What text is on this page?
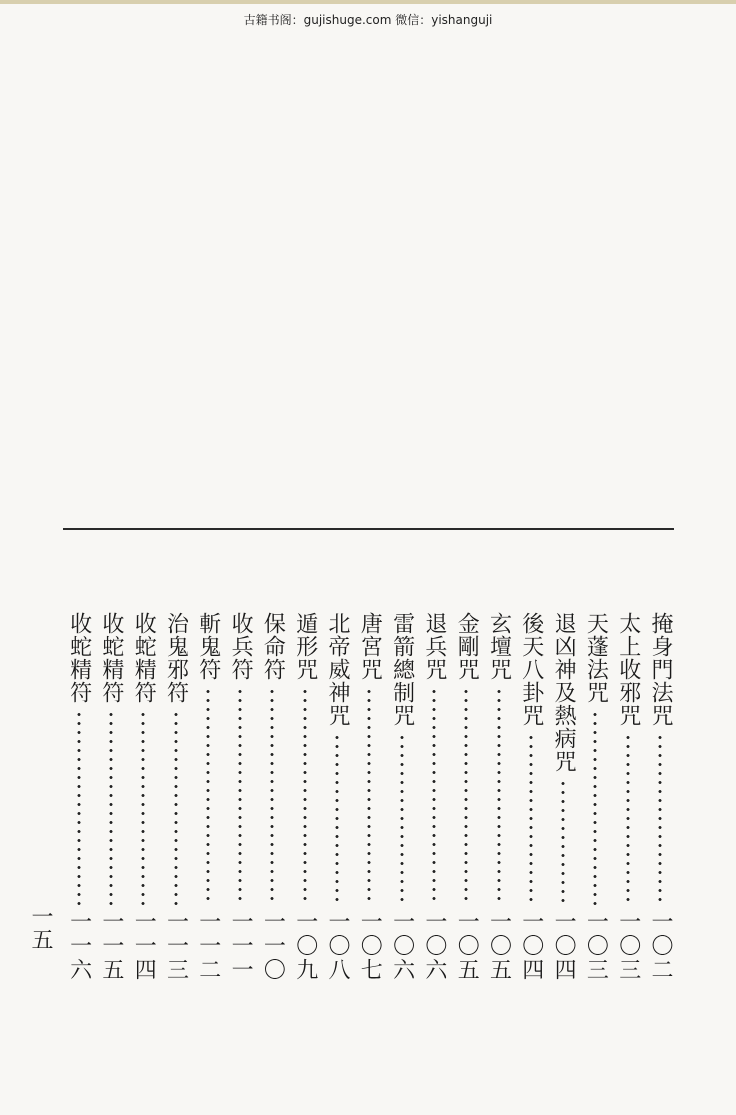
古籍书阁：gujishuge.com 微信：yishanguji
掩身門法咒
一〇二
太上收邪咒
一〇三
天蓬法咒
一〇三
退凶神及熱病咒
一〇四
後天八卦咒
一〇四
玄壇咒
一〇五
金剛咒
一〇五
退兵咒
一〇六
雷箭總制咒
一〇六
唐宮咒
一〇七
北帝威神咒
一〇八
遁形咒
一〇九
保命符
一一〇
收兵符
一一一
斬鬼符
一一二
治鬼邪符
一一三
收蛇精符
一一四
收蛇精符
一一五
收蛇精符
一一六
一五
